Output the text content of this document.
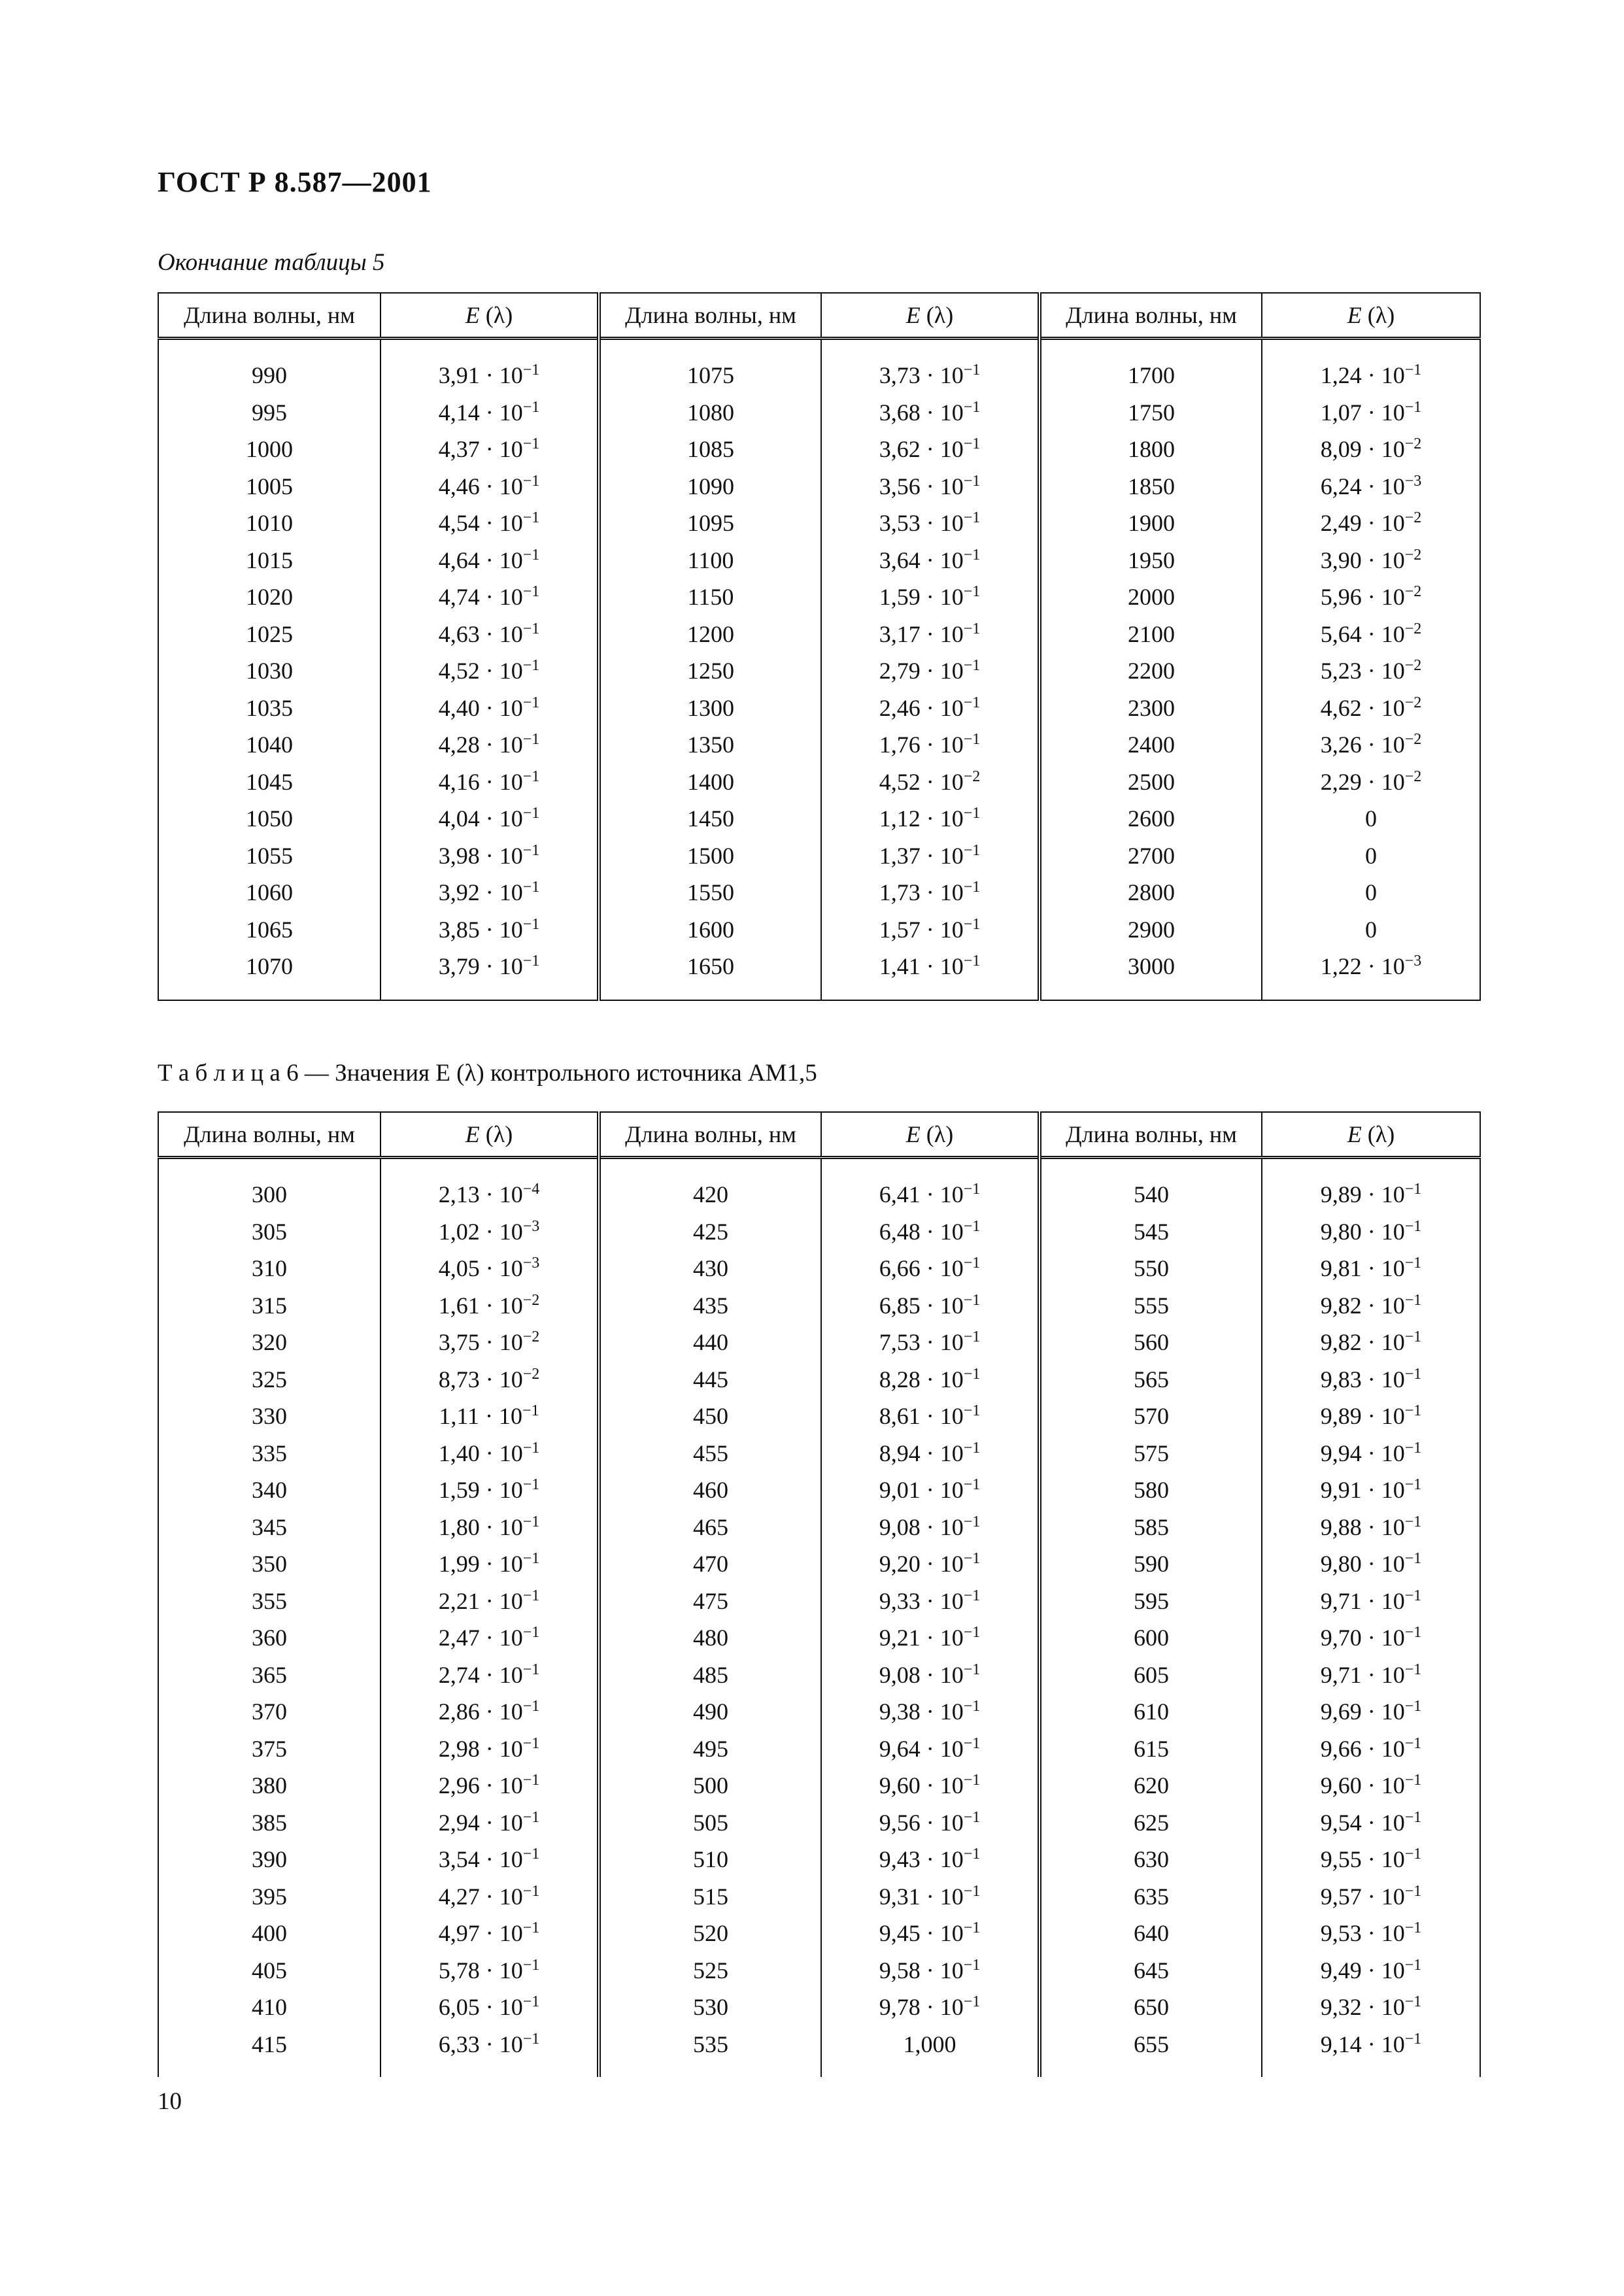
ГОСТ Р 8.587—2001
Окончание таблицы 5
Длина волны, нм	E (λ)	Длина волны, нм	E (λ)	Длина волны, нм	E (λ)
990	$3,91 \cdot 10^{-1}$	1075	$3,73 \cdot 10^{-1}$	1700	$1,24 \cdot 10^{-1}$
995	$4,14 \cdot 10^{-1}$	1080	$3,68 \cdot 10^{-1}$	1750	$1,07 \cdot 10^{-1}$
1000	$4,37 \cdot 10^{-1}$	1085	$3,62 \cdot 10^{-1}$	1800	$8,09 \cdot 10^{-2}$
1005	$4,46 \cdot 10^{-1}$	1090	$3,56 \cdot 10^{-1}$	1850	$6,24 \cdot 10^{-3}$
1010	$4,54 \cdot 10^{-1}$	1095	$3,53 \cdot 10^{-1}$	1900	$2,49 \cdot 10^{-2}$
1015	$4,64 \cdot 10^{-1}$	1100	$3,64 \cdot 10^{-1}$	1950	$3,90 \cdot 10^{-2}$
1020	$4,74 \cdot 10^{-1}$	1150	$1,59 \cdot 10^{-1}$	2000	$5,96 \cdot 10^{-2}$
1025	$4,63 \cdot 10^{-1}$	1200	$3,17 \cdot 10^{-1}$	2100	$5,64 \cdot 10^{-2}$
1030	$4,52 \cdot 10^{-1}$	1250	$2,79 \cdot 10^{-1}$	2200	$5,23 \cdot 10^{-2}$
1035	$4,40 \cdot 10^{-1}$	1300	$2,46 \cdot 10^{-1}$	2300	$4,62 \cdot 10^{-2}$
1040	$4,28 \cdot 10^{-1}$	1350	$1,76 \cdot 10^{-1}$	2400	$3,26 \cdot 10^{-2}$
1045	$4,16 \cdot 10^{-1}$	1400	$4,52 \cdot 10^{-2}$	2500	$2,29 \cdot 10^{-2}$
1050	$4,04 \cdot 10^{-1}$	1450	$1,12 \cdot 10^{-1}$	2600	0
1055	$3,98 \cdot 10^{-1}$	1500	$1,37 \cdot 10^{-1}$	2700	0
1060	$3,92 \cdot 10^{-1}$	1550	$1,73 \cdot 10^{-1}$	2800	0
1065	$3,85 \cdot 10^{-1}$	1600	$1,57 \cdot 10^{-1}$	2900	0
1070	$3,79 \cdot 10^{-1}$	1650	$1,41 \cdot 10^{-1}$	3000	$1,22 \cdot 10^{-3}$
Т а б л и ц а 6 — Значения E (λ) контрольного источника АМ1,5
Длина волны, нм	E (λ)	Длина волны, нм	E (λ)	Длина волны, нм	E (λ)
300	$2,13 \cdot 10^{-4}$	420	$6,41 \cdot 10^{-1}$	540	$9,89 \cdot 10^{-1}$
305	$1,02 \cdot 10^{-3}$	425	$6,48 \cdot 10^{-1}$	545	$9,80 \cdot 10^{-1}$
310	$4,05 \cdot 10^{-3}$	430	$6,66 \cdot 10^{-1}$	550	$9,81 \cdot 10^{-1}$
315	$1,61 \cdot 10^{-2}$	435	$6,85 \cdot 10^{-1}$	555	$9,82 \cdot 10^{-1}$
320	$3,75 \cdot 10^{-2}$	440	$7,53 \cdot 10^{-1}$	560	$9,82 \cdot 10^{-1}$
325	$8,73 \cdot 10^{-2}$	445	$8,28 \cdot 10^{-1}$	565	$9,83 \cdot 10^{-1}$
330	$1,11 \cdot 10^{-1}$	450	$8,61 \cdot 10^{-1}$	570	$9,89 \cdot 10^{-1}$
335	$1,40 \cdot 10^{-1}$	455	$8,94 \cdot 10^{-1}$	575	$9,94 \cdot 10^{-1}$
340	$1,59 \cdot 10^{-1}$	460	$9,01 \cdot 10^{-1}$	580	$9,91 \cdot 10^{-1}$
345	$1,80 \cdot 10^{-1}$	465	$9,08 \cdot 10^{-1}$	585	$9,88 \cdot 10^{-1}$
350	$1,99 \cdot 10^{-1}$	470	$9,20 \cdot 10^{-1}$	590	$9,80 \cdot 10^{-1}$
355	$2,21 \cdot 10^{-1}$	475	$9,33 \cdot 10^{-1}$	595	$9,71 \cdot 10^{-1}$
360	$2,47 \cdot 10^{-1}$	480	$9,21 \cdot 10^{-1}$	600	$9,70 \cdot 10^{-1}$
365	$2,74 \cdot 10^{-1}$	485	$9,08 \cdot 10^{-1}$	605	$9,71 \cdot 10^{-1}$
370	$2,86 \cdot 10^{-1}$	490	$9,38 \cdot 10^{-1}$	610	$9,69 \cdot 10^{-1}$
375	$2,98 \cdot 10^{-1}$	495	$9,64 \cdot 10^{-1}$	615	$9,66 \cdot 10^{-1}$
380	$2,96 \cdot 10^{-1}$	500	$9,60 \cdot 10^{-1}$	620	$9,60 \cdot 10^{-1}$
385	$2,94 \cdot 10^{-1}$	505	$9,56 \cdot 10^{-1}$	625	$9,54 \cdot 10^{-1}$
390	$3,54 \cdot 10^{-1}$	510	$9,43 \cdot 10^{-1}$	630	$9,55 \cdot 10^{-1}$
395	$4,27 \cdot 10^{-1}$	515	$9,31 \cdot 10^{-1}$	635	$9,57 \cdot 10^{-1}$
400	$4,97 \cdot 10^{-1}$	520	$9,45 \cdot 10^{-1}$	640	$9,53 \cdot 10^{-1}$
405	$5,78 \cdot 10^{-1}$	525	$9,58 \cdot 10^{-1}$	645	$9,49 \cdot 10^{-1}$
410	$6,05 \cdot 10^{-1}$	530	$9,78 \cdot 10^{-1}$	650	$9,32 \cdot 10^{-1}$
415	$6,33 \cdot 10^{-1}$	535	1,000	655	$9,14 \cdot 10^{-1}$
10
